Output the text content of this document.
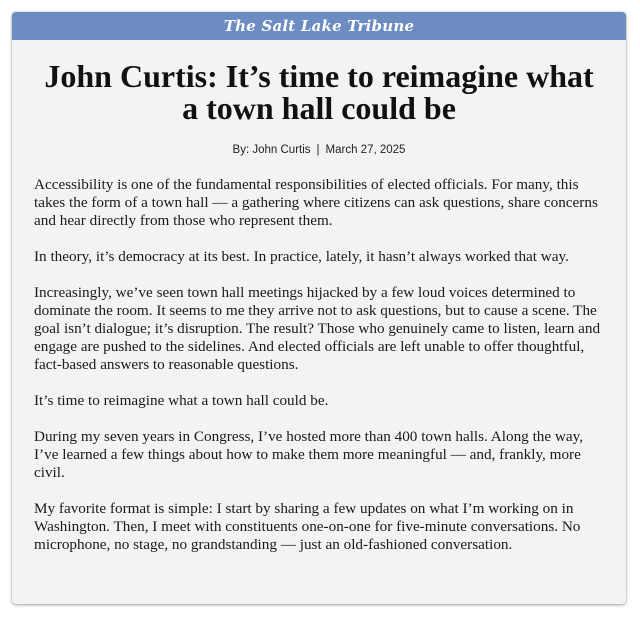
The Salt Lake Tribune
John Curtis: It’s time to reimagine what a town hall could be
By: John Curtis | March 27, 2025

Accessibility is one of the fundamental responsibilities of elected officials. For many, this takes the form of a town hall — a gathering where citizens can ask questions, share concerns and hear directly from those who represent them.

In theory, it’s democracy at its best. In practice, lately, it hasn’t always worked that way.

Increasingly, we’ve seen town hall meetings hijacked by a few loud voices determined to dominate the room. It seems to me they arrive not to ask questions, but to cause a scene. The goal isn’t dialogue; it’s disruption. The result? Those who genuinely came to listen, learn and engage are pushed to the sidelines. And elected officials are left unable to offer thoughtful, fact-based answers to reasonable questions.

It’s time to reimagine what a town hall could be.

During my seven years in Congress, I’ve hosted more than 400 town halls. Along the way, I’ve learned a few things about how to make them more meaningful — and, frankly, more civil.

My favorite format is simple: I start by sharing a few updates on what I’m working on in Washington. Then, I meet with constituents one-on-one for five-minute conversations. No microphone, no stage, no grandstanding — just an old-fashioned conversation.
